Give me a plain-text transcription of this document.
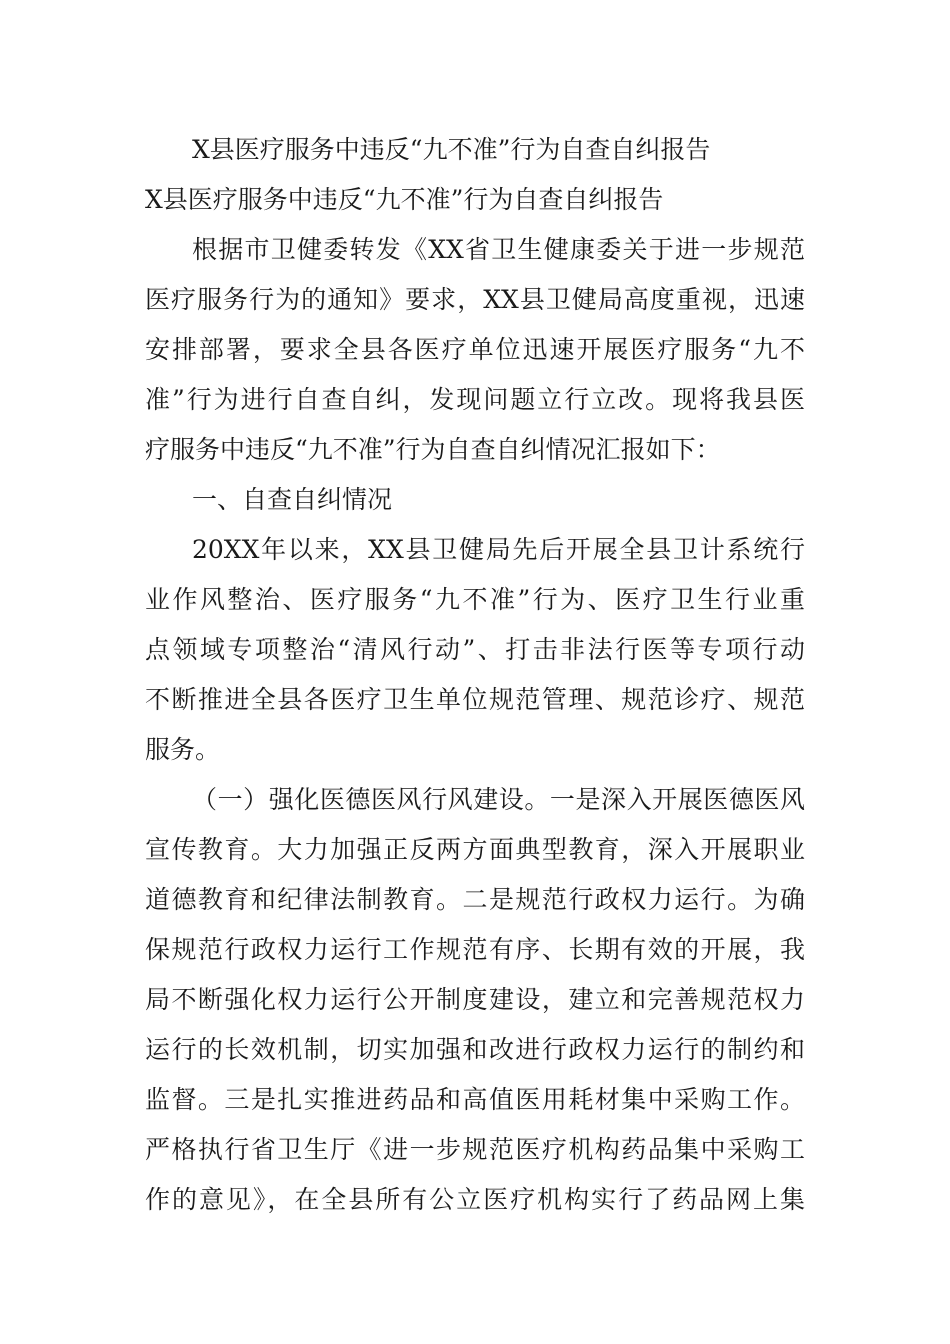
X县医疗服务中违反“九不准”行为自查自纠报告
X县医疗服务中违反“九不准”行为自查自纠报告
根据市卫健委转发《XX省卫生健康委关于进一步规范
医疗服务行为的通知》要求，XX县卫健局高度重视，迅速
安排部署，要求全县各医疗单位迅速开展医疗服务“九不
准”行为进行自查自纠，发现问题立行立改。现将我县医
疗服务中违反“九不准”行为自查自纠情况汇报如下：
一、自查自纠情况
20XX年以来，XX县卫健局先后开展全县卫计系统行
业作风整治、医疗服务“九不准”行为、医疗卫生行业重
点领域专项整治“清风行动”、打击非法行医等专项行动
不断推进全县各医疗卫生单位规范管理、规范诊疗、规范
服务。
（一）强化医德医风行风建设。一是深入开展医德医风
宣传教育。大力加强正反两方面典型教育，深入开展职业
道德教育和纪律法制教育。二是规范行政权力运行。为确
保规范行政权力运行工作规范有序、长期有效的开展，我
局不断强化权力运行公开制度建设，建立和完善规范权力
运行的长效机制，切实加强和改进行政权力运行的制约和
监督。三是扎实推进药品和高值医用耗材集中采购工作。
严格执行省卫生厅《进一步规范医疗机构药品集中采购工
作的意见》，在全县所有公立医疗机构实行了药品网上集
